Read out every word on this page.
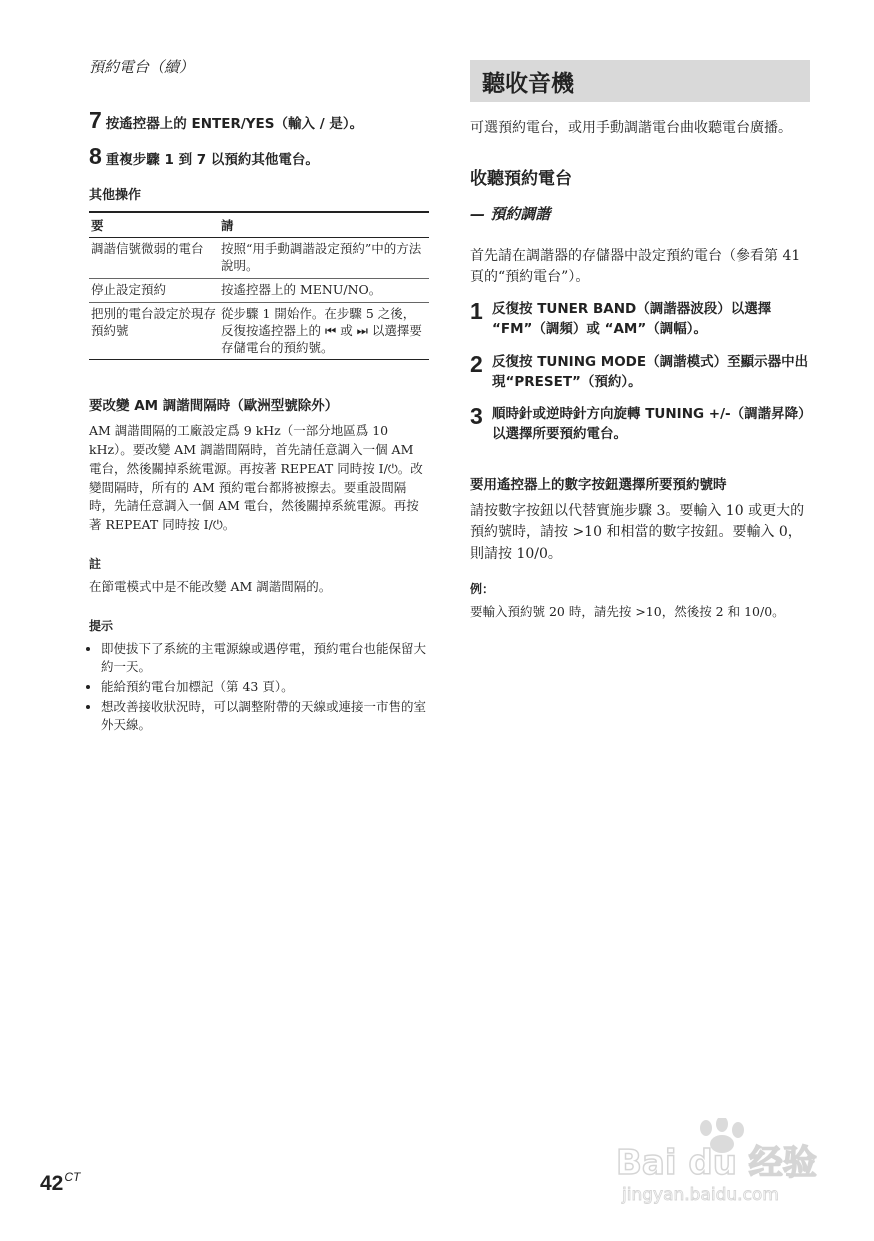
預約電台（續）
7 按遙控器上的 ENTER/YES（輸入 / 是）。
8 重複步驟 1 到 7 以預約其他電台。
其他操作
要	請
調諧信號微弱的電台	按照“用手動調諧設定預約”中的方法說明。
停止設定預約	按遙控器上的 MENU/NO。
把別的電台設定於現存預約號	從步驟 1 開始作。在步驟 5 之後，反復按遙控器上的 ⏮ 或 ⏭ 以選擇要存儲電台的預約號。
要改變 AM 調諧間隔時（歐洲型號除外）

AM 調諧間隔的工廠設定爲 9 kHz（一部分地區爲 10 kHz）。要改變 AM 調諧間隔時，首先請任意調入一個 AM 電台，然後關掉系統電源。再按著 REPEAT 同時按 I/⏻。改變間隔時，所有的 AM 預約電台都將被擦去。要重設間隔時，先請任意調入一個 AM 電台，然後關掉系統電源。再按著 REPEAT 同時按 I/⏻。

註

在節電模式中是不能改變 AM 調諧間隔的。

提示
• 即使拔下了系統的主電源線或遇停電，預約電台也能保留大約一天。
• 能給預約電台加標記（第 43 頁）。
• 想改善接收狀況時，可以調整附帶的天線或連接一市售的室外天線。
聽收音機

可選預約電台，或用手動調諧電台曲收聽電台廣播。

收聽預約電台
— 預約調諧

首先請在調諧器的存儲器中設定預約電台（參看第 41 頁的“預約電台”）。

1 反復按 TUNER BAND（調諧器波段）以選擇 “FM”（調頻）或 “AM”（調幅）。
2 反復按 TUNING MODE（調諧模式）至顯示器中出現“PRESET”（預約）。
3 順時針或逆時針方向旋轉 TUNING +/-（調諧昇降）以選擇所要預約電台。
要用遙控器上的數字按鈕選擇所要預約號時

請按數字按鈕以代替實施步驟 3。要輸入 10 或更大的預約號時，請按 >10 和相當的數字按鈕。要輸入 0，則請按 10/0。

例：

要輸入預約號 20 時，請先按 >10，然後按 2 和 10/0。

$42^{CT}$	Bai du 经验
jingyan.baidu.com
